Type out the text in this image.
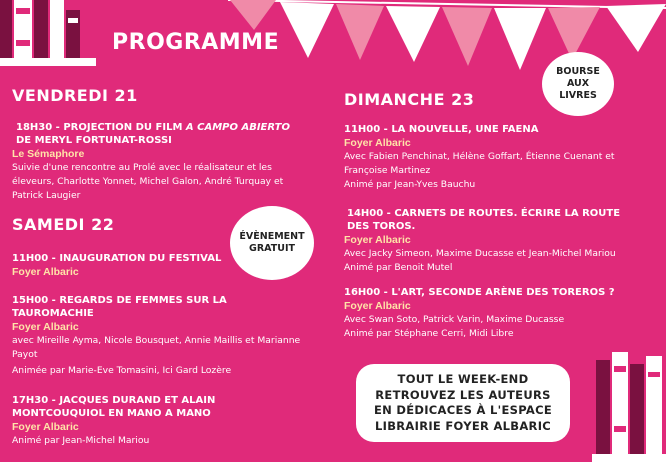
PROGRAMME
BOURSE AUX LIVRES
VENDREDI 21
18H30 - PROJECTION DU FILM A CAMPO ABIERTO DE MERYL FORTUNAT-ROSSI
Le Sémaphore
Suivie d'une rencontre au Prolé avec le réalisateur et les éleveurs, Charlotte Yonnet, Michel Galon, André Turquay et Patrick Laugier
SAMEDI 22
ÉVÈNEMENT GRATUIT
11H00 - INAUGURATION DU FESTIVAL
Foyer Albaric
15H00 - REGARDS DE FEMMES SUR LA TAUROMACHIE
Foyer Albaric
avec Mireille Ayma, Nicole Bousquet, Annie Maillis et Marianne Payot
Animée par Marie-Eve Tomasini, Ici Gard Lozère
17H30 - JACQUES DURAND ET ALAIN MONTCOUQUIOL EN MANO A MANO
Foyer Albaric
Animé par Jean-Michel Mariou
DIMANCHE 23
11H00 - LA NOUVELLE, UNE FAENA
Foyer Albaric
Avec Fabien Penchinat, Hélène Goffart, Étienne Cuenant et Françoise Martinez
Animé par Jean-Yves Bauchu
14H00 - CARNETS DE ROUTES. ÉCRIRE LA ROUTE DES TOROS.
Foyer Albaric
Avec Jacky Simeon, Maxime Ducasse et Jean-Michel Mariou
Animé par Benoit Mutel
16H00 - L'ART, SECONDE ARÈNE DES TOREROS ?
Foyer Albaric
Avec Swan Soto, Patrick Varin, Maxime Ducasse
Animé par Stéphane Cerri, Midi Libre
TOUT LE WEEK-END RETROUVEZ LES AUTEURS EN DÉDICACES À L'ESPACE LIBRAIRIE FOYER ALBARIC
